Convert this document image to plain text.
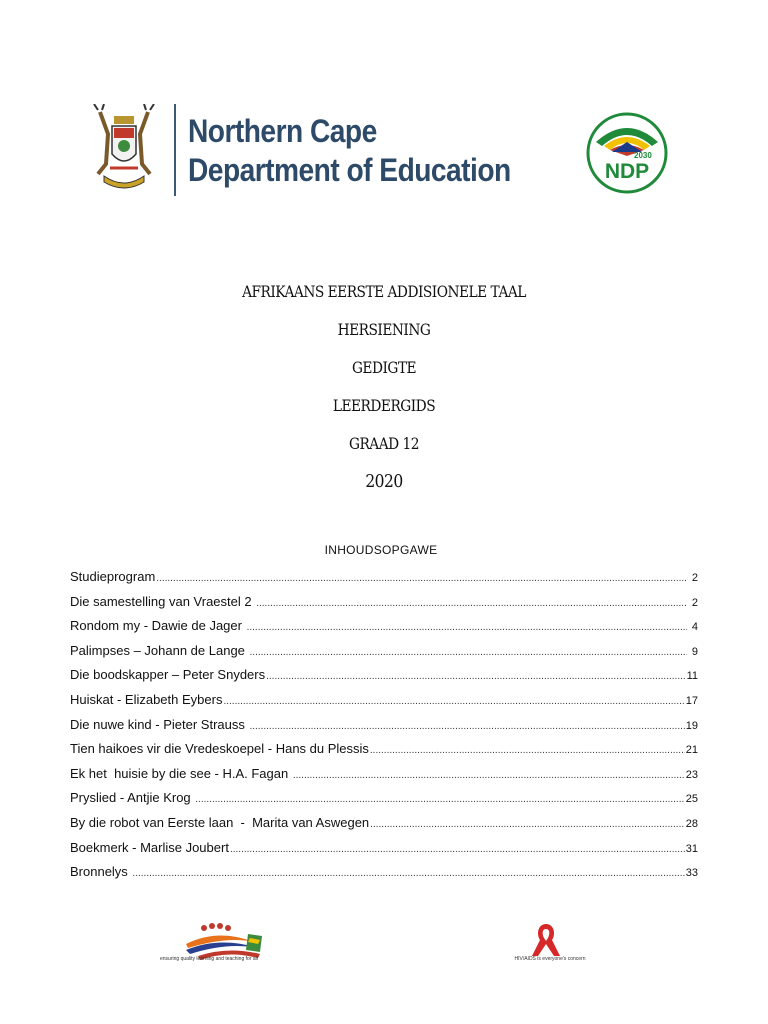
Northern Cape
Department of Education	2030
NDP
AFRIKAANS EERSTE ADDISIONELE TAAL
HERSIENING
GEDIGTE
LEERDERGIDS
GRAAD 12
2020
INHOUDSOPGAWE
Studieprogram .....	2
Die samestelling van Vraestel 2 .....	2
Rondom my - Dawie de Jager .....	4
Palimpses – Johann de Lange .....	9
Die boodskapper – Peter Snyders .....	11
Huiskat - Elizabeth Eybers .....	17
Die nuwe kind - Pieter Strauss .....	19
Tien haikoes vir die Vredeskoepel - Hans du Plessis .....	21
Ek het  huisie by die see - H.A. Fagan .....	23
Pryslied - Antjie Krog .....	25
By die robot van Eerste laan  -  Marita van Aswegen .....	28
Boekmerk - Marlise Joubert .....	31
Bronnelys .....	33
ensuring quality learning and teaching for all	HIV/AIDS is everyone's concern
